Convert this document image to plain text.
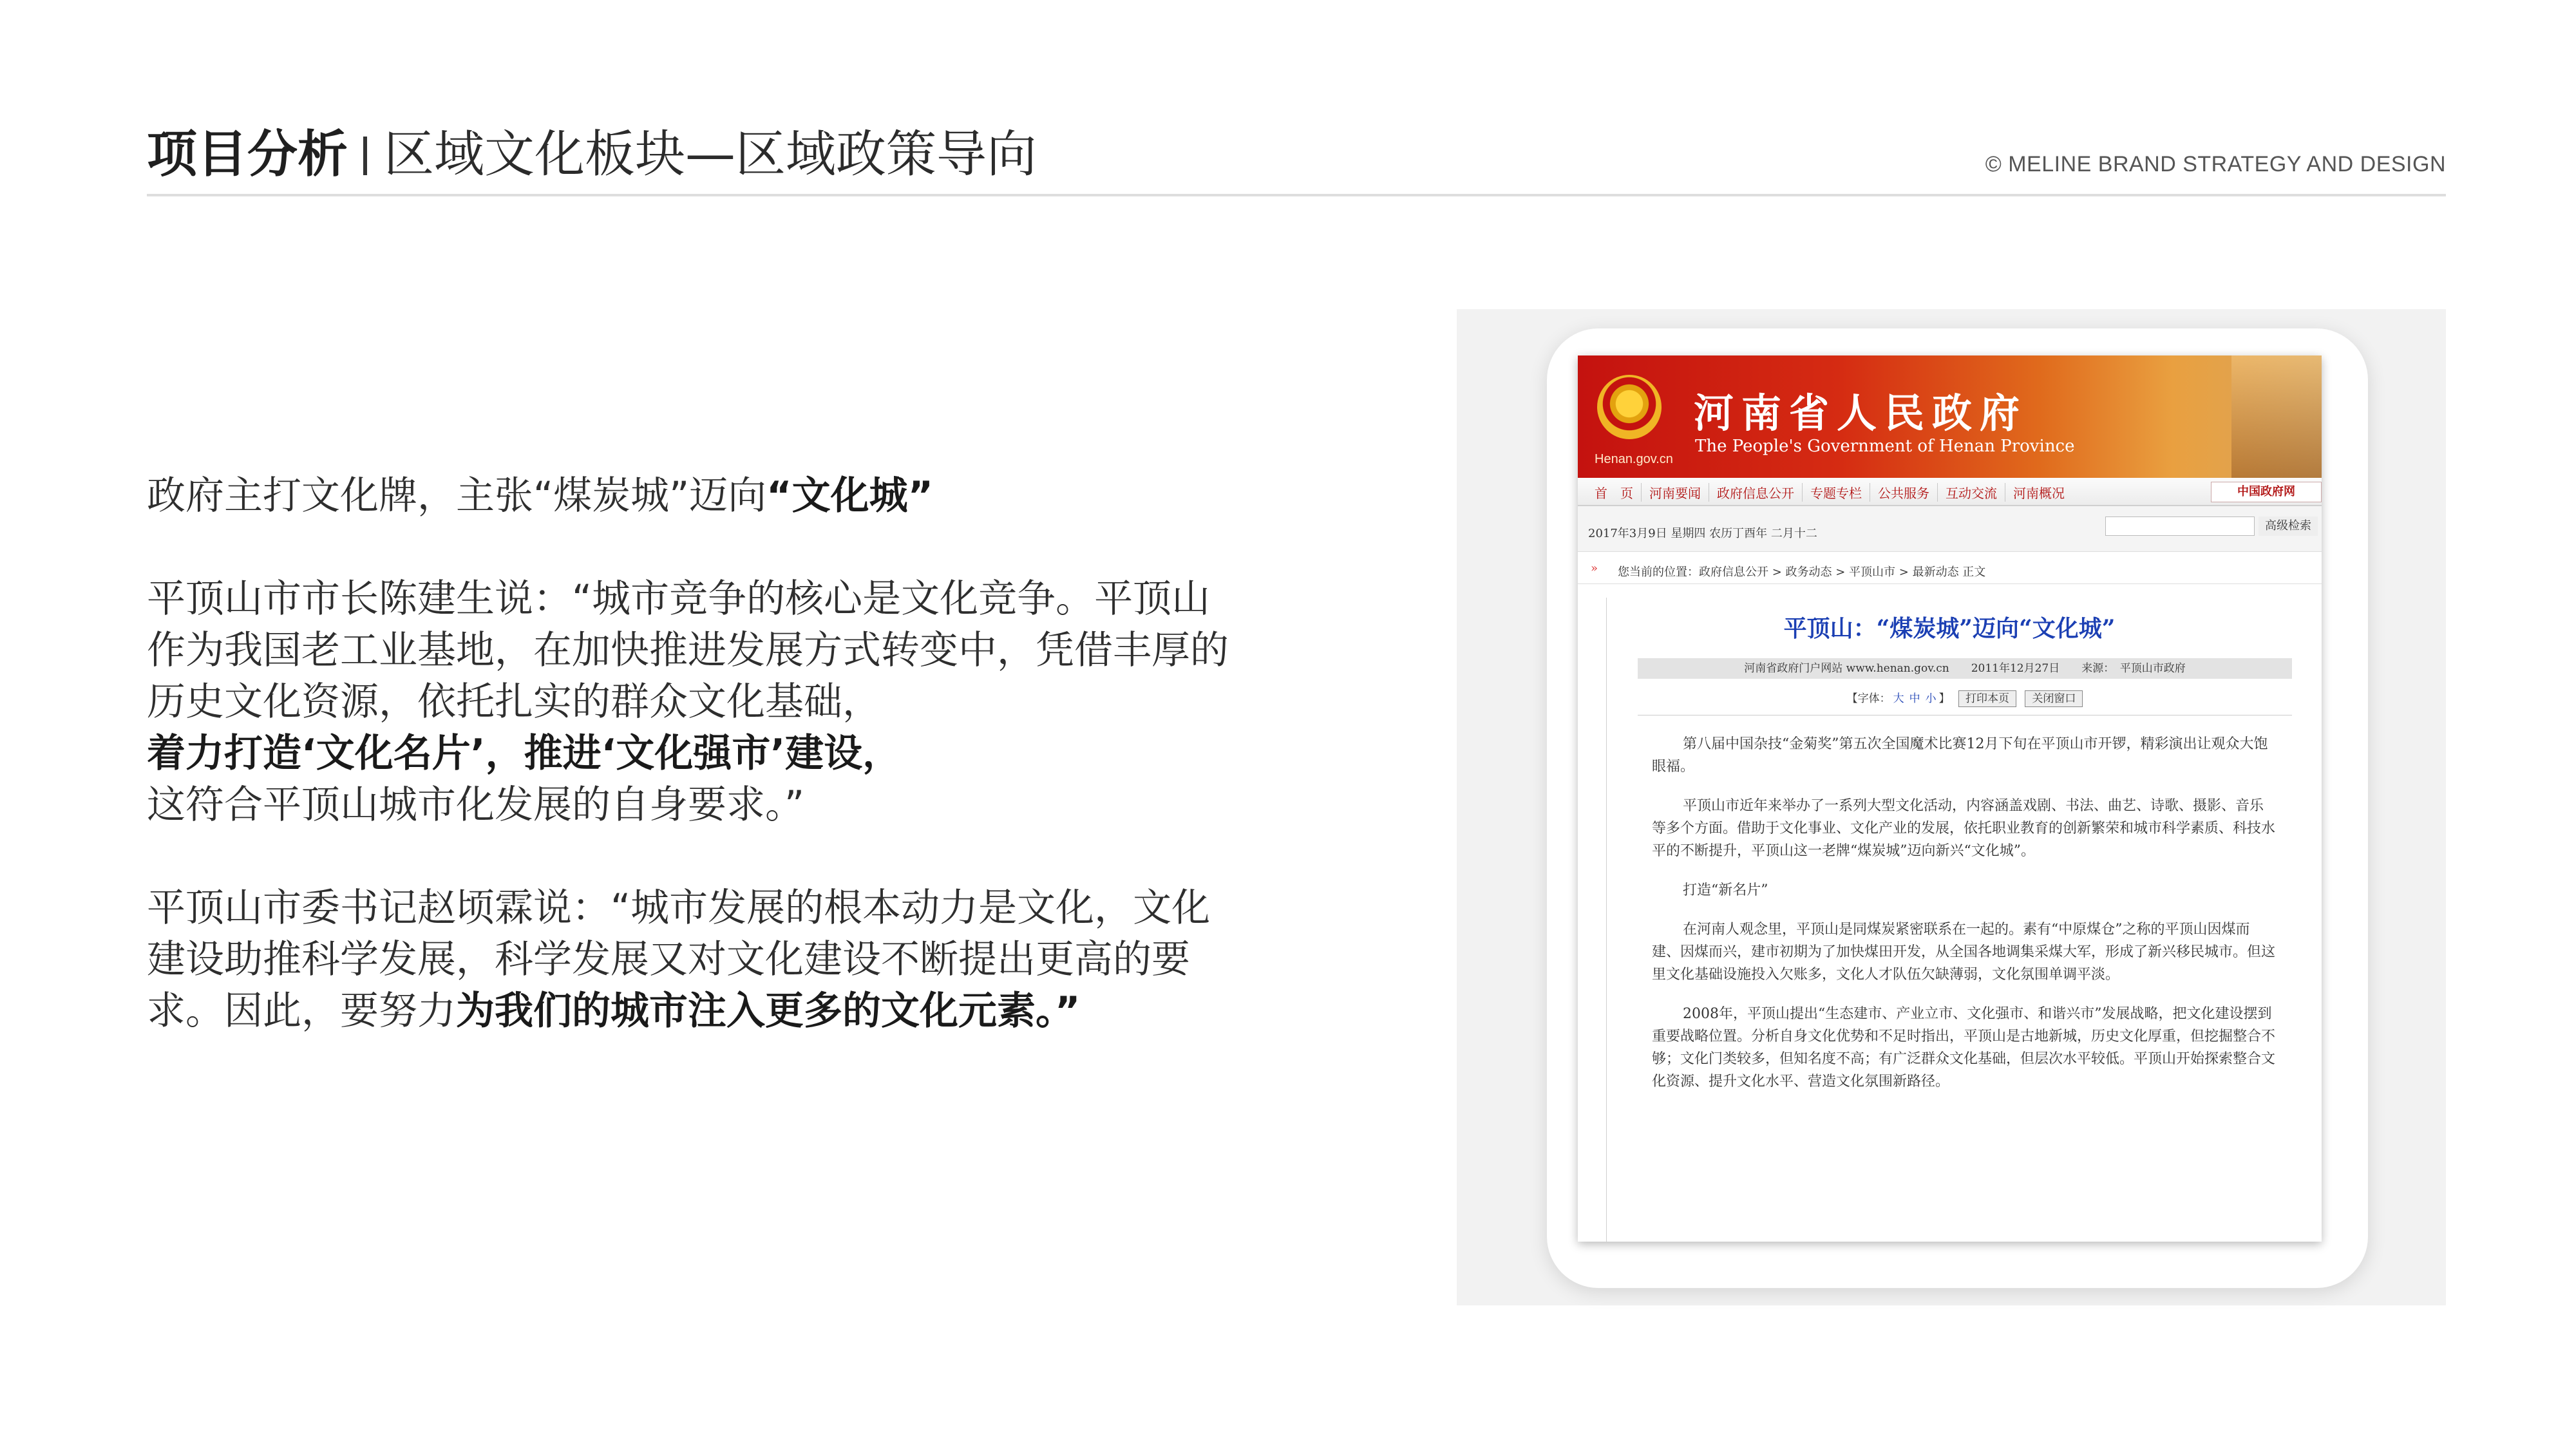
项目分析 区域文化板块—区域政策导向	© MELINE BRAND STRATEGY AND DESIGN

政府主打文化牌，主张“煤炭城”迈向“文化城”

平顶山市市长陈建生说：“城市竞争的核心是文化竞争。平顶山
作为我国老工业基地，在加快推进发展方式转变中，凭借丰厚的
历史文化资源，依托扎实的群众文化基础，
着力打造‘文化名片’，推进‘文化强市’建设，
这符合平顶山城市化发展的自身要求。”

平顶山市委书记赵顷霖说：“城市发展的根本动力是文化，文化
建设助推科学发展，科学发展又对文化建设不断提出更高的要
求。因此，要努力为我们的城市注入更多的文化元素。”

Henan.gov.cn
河南省人民政府
The People's Government of Henan Province
首　页 河南要闻 政府信息公开 专题专栏 公共服务 互动交流 河南概况	中国政府网
2017年3月9日 星期四 农历丁酉年 二月十二
高级检索
» 您当前的位置：政府信息公开 > 政务动态 > 平顶山市 > 最新动态 正文
平顶山：“煤炭城”迈向“文化城”
河南省政府门户网站 www.henan.gov.cn　　2011年12月27日　　来源：　平顶山市政府
【字体： 大 中 小 】 打印本页 关闭窗口

第八届中国杂技“金菊奖”第五次全国魔术比赛12月下旬在平顶山市开锣，精彩演出让观众大饱眼福。

平顶山市近年来举办了一系列大型文化活动，内容涵盖戏剧、书法、曲艺、诗歌、摄影、音乐等多个方面。借助于文化事业、文化产业的发展，依托职业教育的创新繁荣和城市科学素质、科技水平的不断提升，平顶山这一老牌“煤炭城”迈向新兴“文化城”。

打造“新名片”

在河南人观念里，平顶山是同煤炭紧密联系在一起的。素有“中原煤仓”之称的平顶山因煤而建、因煤而兴，建市初期为了加快煤田开发，从全国各地调集采煤大军，形成了新兴移民城市。但这里文化基础设施投入欠账多，文化人才队伍欠缺薄弱，文化氛围单调平淡。

2008年，平顶山提出“生态建市、产业立市、文化强市、和谐兴市”发展战略，把文化建设摆到重要战略位置。分析自身文化优势和不足时指出，平顶山是古地新城，历史文化厚重，但挖掘整合不够；文化门类较多，但知名度不高；有广泛群众文化基础，但层次水平较低。平顶山开始探索整合文化资源、提升文化水平、营造文化氛围新路径。
